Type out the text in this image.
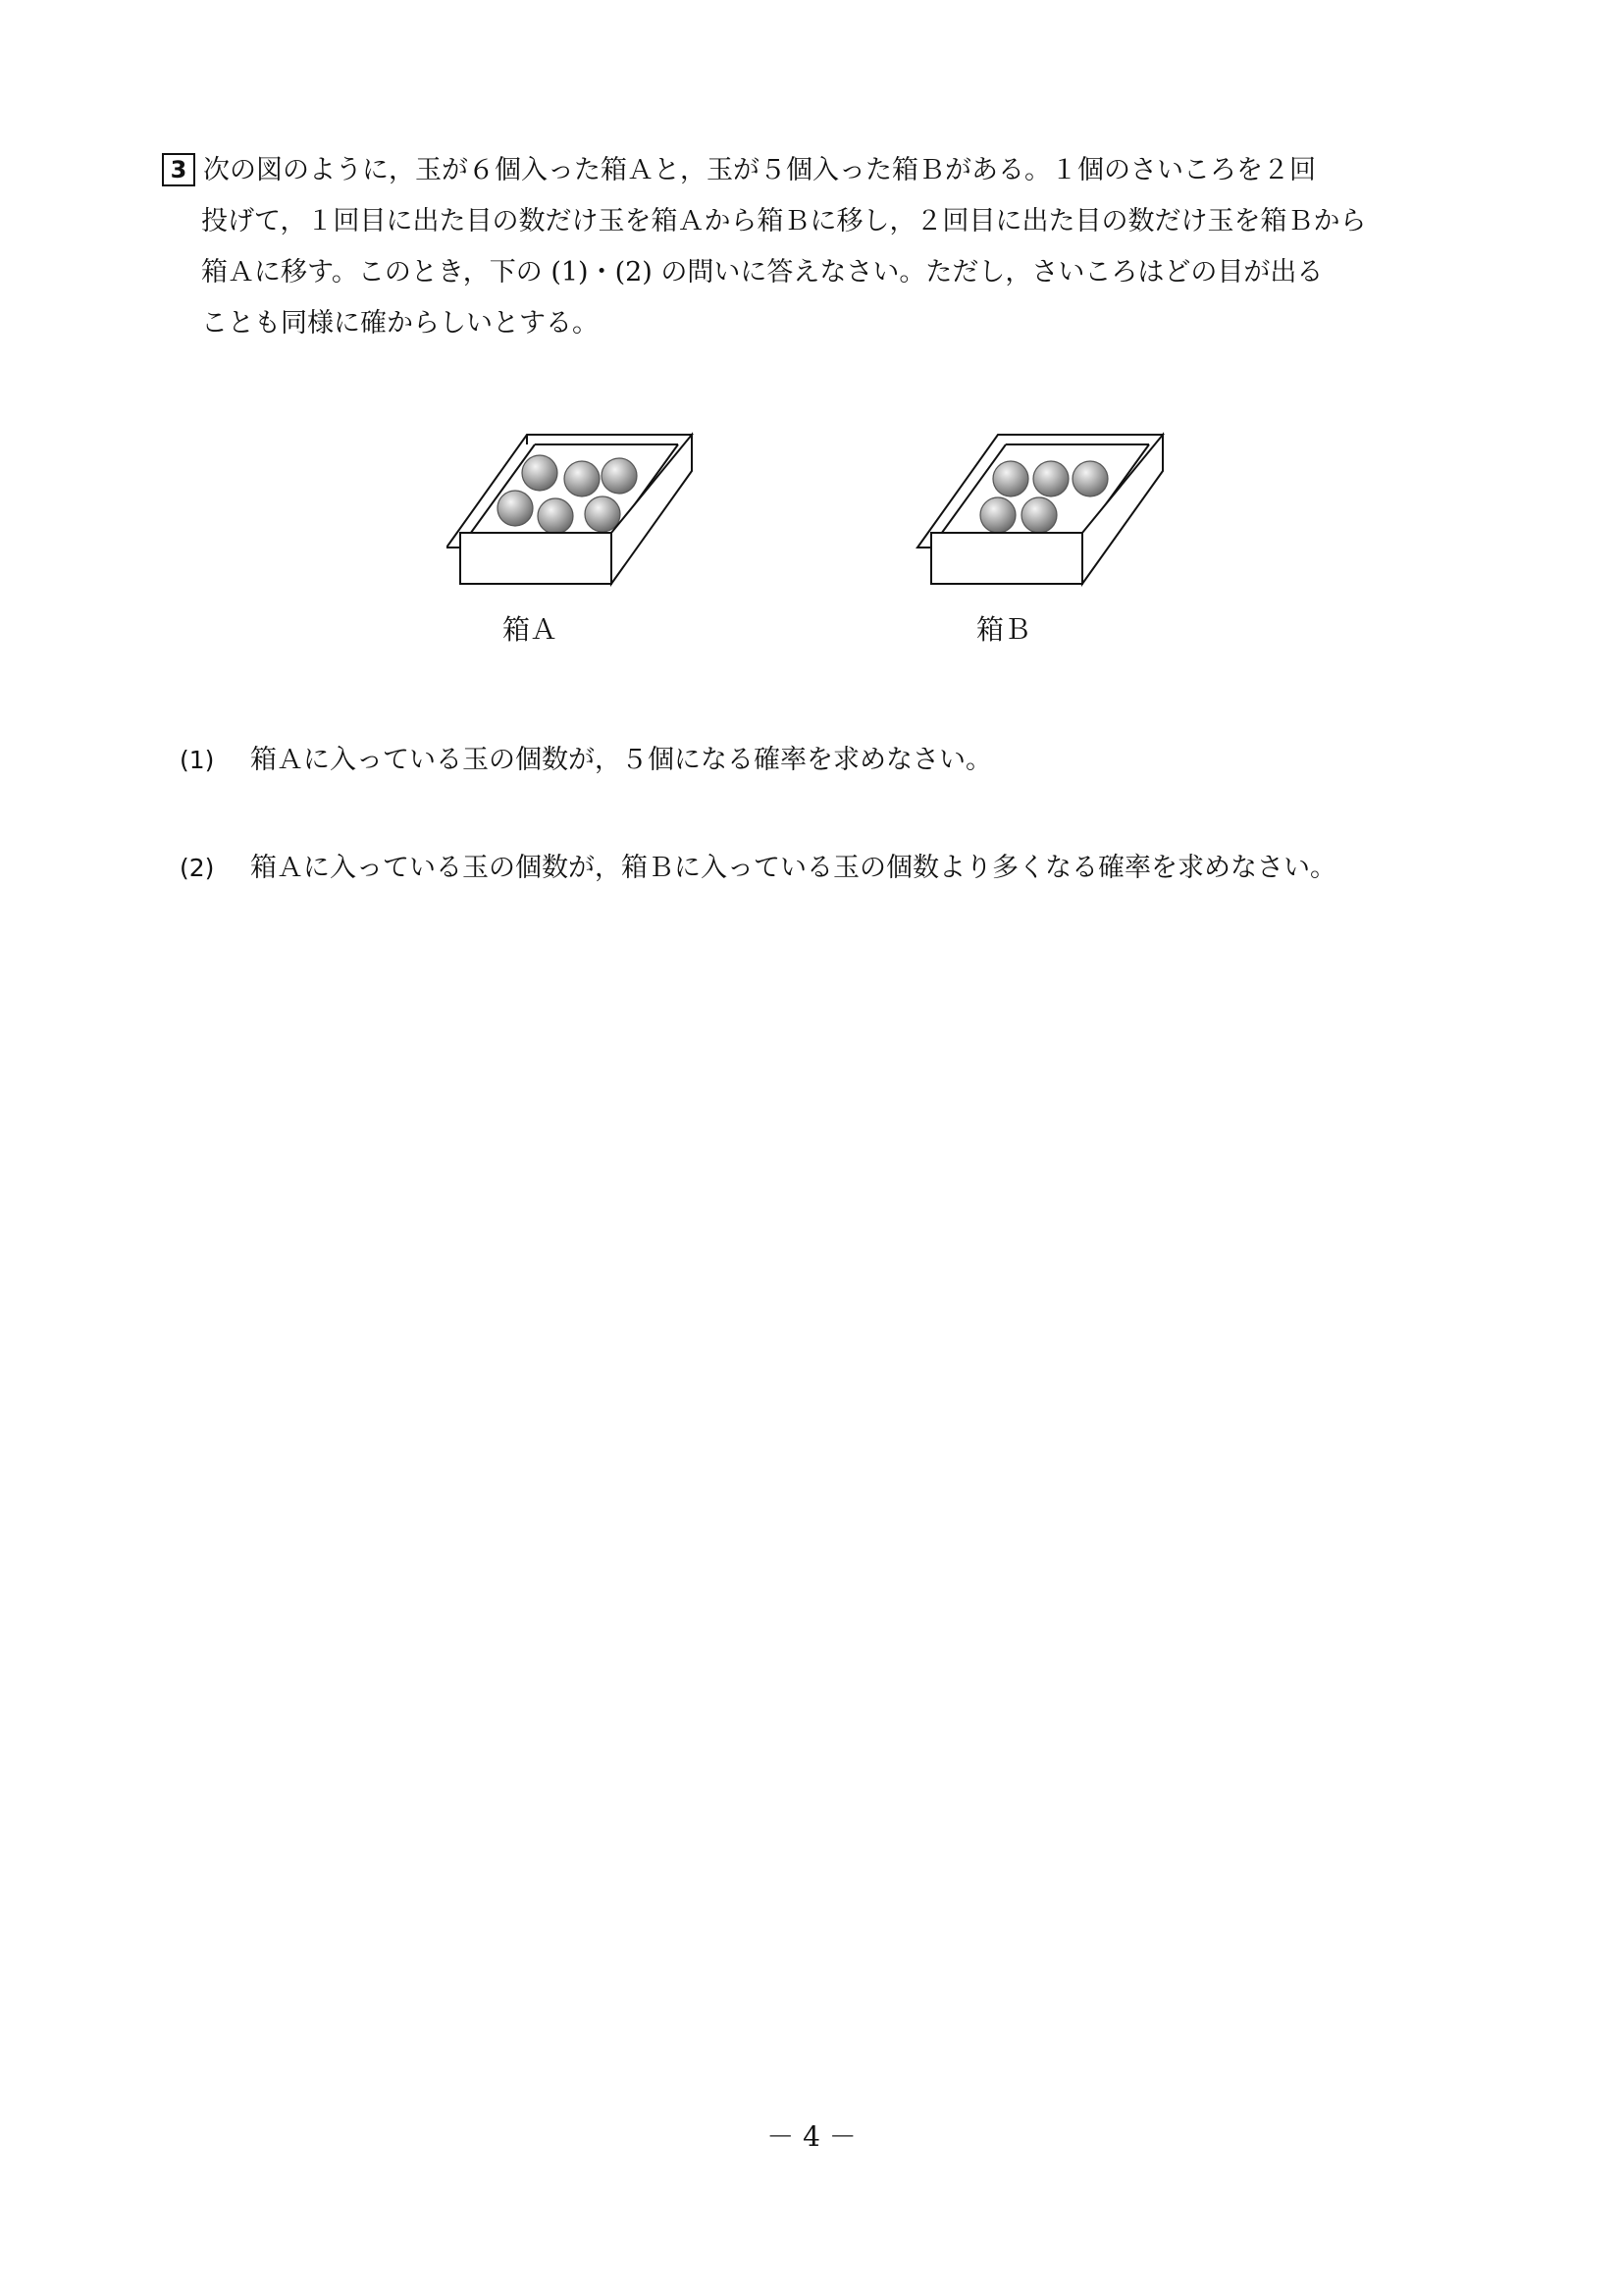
3 次の図のように，玉が６個入った箱Ａと，玉が５個入った箱Ｂがある。１個のさいころを２回
投げて，１回目に出た目の数だけ玉を箱Ａから箱Ｂに移し，２回目に出た目の数だけ玉を箱Ｂから
箱Ａに移す。このとき，下の (1)・(2) の問いに答えなさい。ただし，さいころはどの目が出る
ことも同様に確からしいとする。
箱Ａ	箱Ｂ
(1) 箱Ａに入っている玉の個数が，５個になる確率を求めなさい。
(2) 箱Ａに入っている玉の個数が，箱Ｂに入っている玉の個数より多くなる確率を求めなさい。
－ 4 －
